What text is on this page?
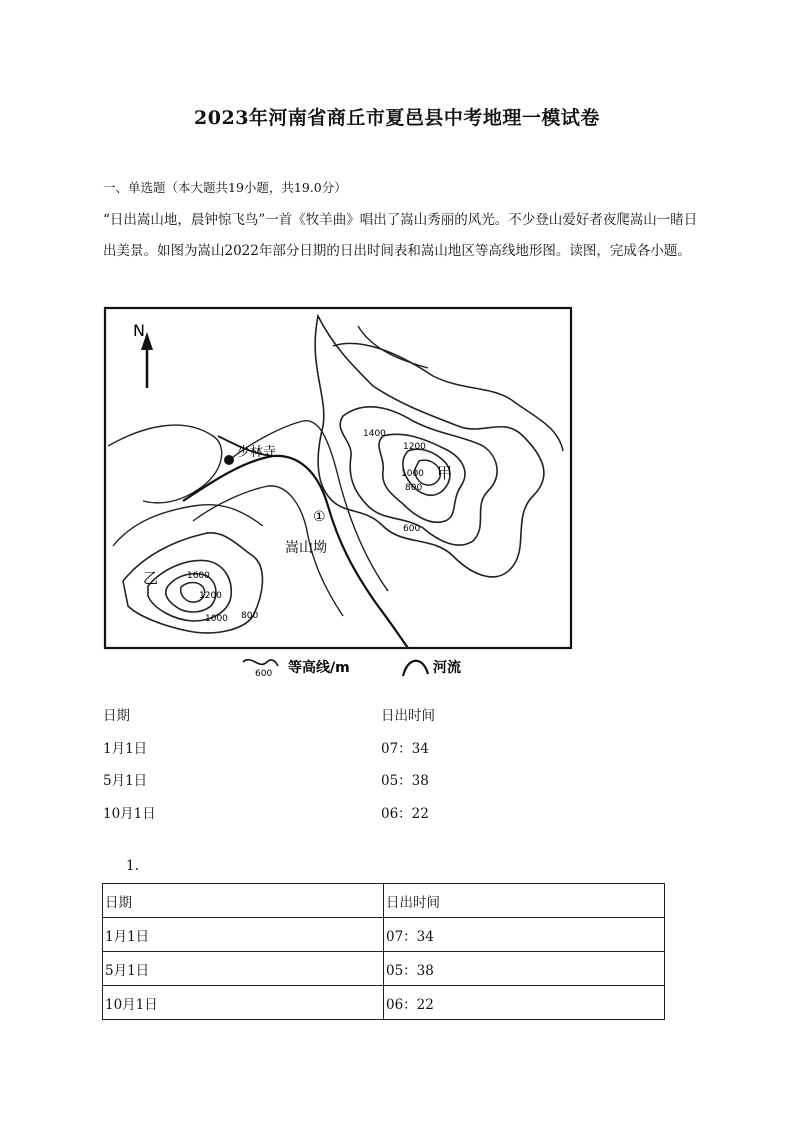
2023年河南省商丘市夏邑县中考地理一模试卷
一、单选题（本大题共19小题，共19.0分）
“日出嵩山地，晨钟惊飞鸟”一首《牧羊曲》唱出了嵩山秀丽的风光。不少登山爱好者夜爬嵩山一睹日出美景。如图为嵩山2022年部分日期的日出时间表和嵩山地区等高线地形图。读图，完成各小题。
N
少林寺
①
嵩山坳
甲
乙
1400
1200
1000
800
600
1600
1200
1000 800
600 等高线/m	河流
日期	日出时间
1月1日	07：34
5月1日	05：38
10月1日	06：22
1.
日期	日出时间
1月1日	07：34
5月1日	05：38
10月1日	06：22
